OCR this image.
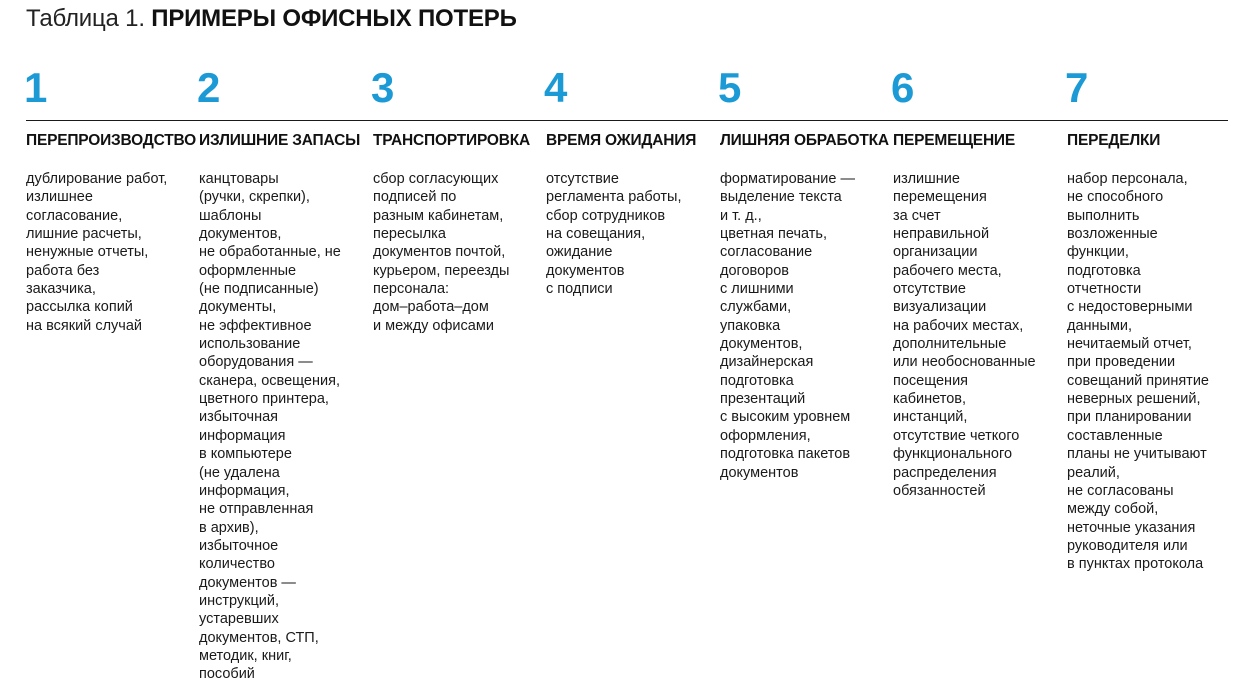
Таблица 1. ПРИМЕРЫ ОФИСНЫХ ПОТЕРЬ
1
ПЕРЕПРОИЗВОДСТВО
дублирование работ,
излишнее
согласование,
лишние расчеты,
ненужные отчеты,
работа без
заказчика,
рассылка копий
на всякий случай
2
ИЗЛИШНИЕ ЗАПАСЫ
канцтовары
(ручки, скрепки),
шаблоны
документов,
не обработанные, не
оформленные
(не подписанные)
документы,
не эффективное
использование
оборудования —
сканера, освещения,
цветного принтера,
избыточная
информация
в компьютере
(не удалена
информация,
не отправленная
в архив),
избыточное
количество
документов —
инструкций,
устаревших
документов, СТП,
методик, книг,
пособий
3
ТРАНСПОРТИРОВКА
сбор согласующих
подписей по
разным кабинетам,
пересылка
документов почтой,
курьером, переезды
персонала:
дом–работа–дом
и между офисами
4
ВРЕМЯ ОЖИДАНИЯ
отсутствие
регламента работы,
сбор сотрудников
на совещания,
ожидание
документов
с подписи
5
ЛИШНЯЯ ОБРАБОТКА
форматирование —
выделение текста
и т. д.,
цветная печать,
согласование
договоров
с лишними
службами,
упаковка
документов,
дизайнерская
подготовка
презентаций
с высоким уровнем
оформления,
подготовка пакетов
документов
6
ПЕРЕМЕЩЕНИЕ
излишние
перемещения
за счет
неправильной
организации
рабочего места,
отсутствие
визуализации
на рабочих местах,
дополнительные
или необоснованные
посещения
кабинетов,
инстанций,
отсутствие четкого
функционального
распределения
обязанностей
7
ПЕРЕДЕЛКИ
набор персонала,
не способного
выполнить
возложенные
функции,
подготовка
отчетности
с недостоверными
данными,
нечитаемый отчет,
при проведении
совещаний принятие
неверных решений,
при планировании
составленные
планы не учитывают
реалий,
не согласованы
между собой,
неточные указания
руководителя или
в пунктах протокола
